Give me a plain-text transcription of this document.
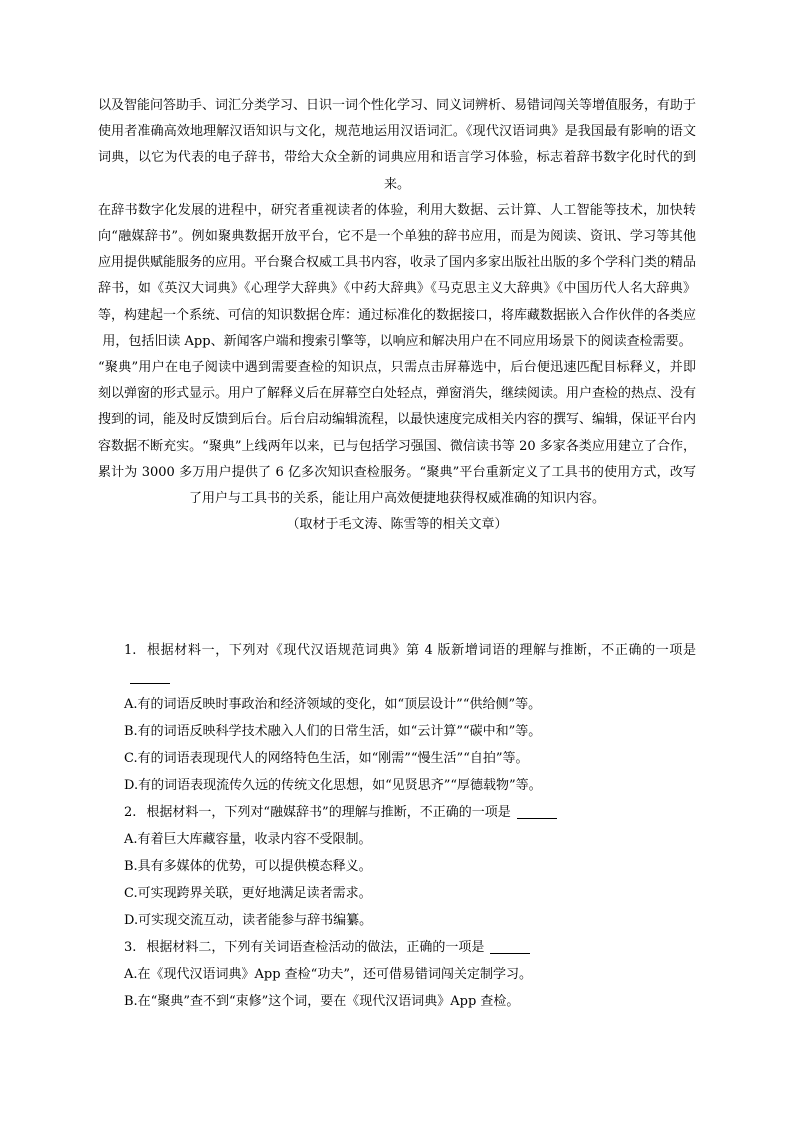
以及智能问答助手、词汇分类学习、日识一词个性化学习、同义词辨析、易错词闯关等增值服务，有助于使用者准确高效地理解汉语知识与文化，规范地运用汉语词汇。《现代汉语词典》是我国最有影响的语文词典，以它为代表的电子辞书，带给大众全新的词典应用和语言学习体验，标志着辞书数字化时代的到来。

在辞书数字化发展的进程中，研究者重视读者的体验，利用大数据、云计算、人工智能等技术，加快转向“融媒辞书”。例如聚典数据开放平台，它不是一个单独的辞书应用，而是为阅读、资讯、学习等其他应用提供赋能服务的应用。平台聚合权威工具书内容，收录了国内多家出版社出版的多个学科门类的精品辞书，如《英汉大词典》《心理学大辞典》《中药大辞典》《马克思主义大辞典》《中国历代人名大辞典》等，构建起一个系统、可信的知识数据仓库：通过标准化的数据接口，将库藏数据嵌入合作伙伴的各类应用，包括旧读 App、新闻客户端和搜索引擎等，以响应和解决用户在不同应用场景下的阅读查检需要。

“聚典”用户在电子阅读中遇到需要查检的知识点，只需点击屏幕选中，后台便迅速匹配目标释义，并即刻以弹窗的形式显示。用户了解释义后在屏幕空白处轻点，弹窗消失，继续阅读。用户查检的热点、没有搜到的词，能及时反馈到后台。后台启动编辑流程，以最快速度完成相关内容的撰写、编辑，保证平台内容数据不断充实。“聚典”上线两年以来，已与包括学习强国、微信读书等 20 多家各类应用建立了合作，累计为 3000 多万用户提供了 6 亿多次知识查检服务。“聚典”平台重新定义了工具书的使用方式，改写了用户与工具书的关系，能让用户高效便捷地获得权威准确的知识内容。

（取材于毛文涛、陈雪等的相关文章）

1. 根据材料一，下列对《现代汉语规范词典》第 4 版新增词语的理解与推断，不正确的一项是

A.有的词语反映时事政治和经济领域的变化，如“顶层设计”“供给侧”等。

B.有的词语反映科学技术融入人们的日常生活，如“云计算”“碳中和”等。

C.有的词语表现现代人的网络特色生活，如“刚需”“慢生活”“自拍”等。

D.有的词语表现流传久远的传统文化思想，如“见贤思齐”“厚德载物”等。

2. 根据材料一，下列对“融媒辞书”的理解与推断，不正确的一项是

A.有着巨大库藏容量，收录内容不受限制。

B.具有多媒体的优势，可以提供模态释义。

C.可实现跨界关联，更好地满足读者需求。

D.可实现交流互动，读者能参与辞书编纂。

3. 根据材料二，下列有关词语查检活动的做法，正确的一项是

A.在《现代汉语词典》App 查检“功夫”，还可借易错词闯关定制学习。

B.在“聚典”查不到“束修”这个词，要在《现代汉语词典》App 查检。
